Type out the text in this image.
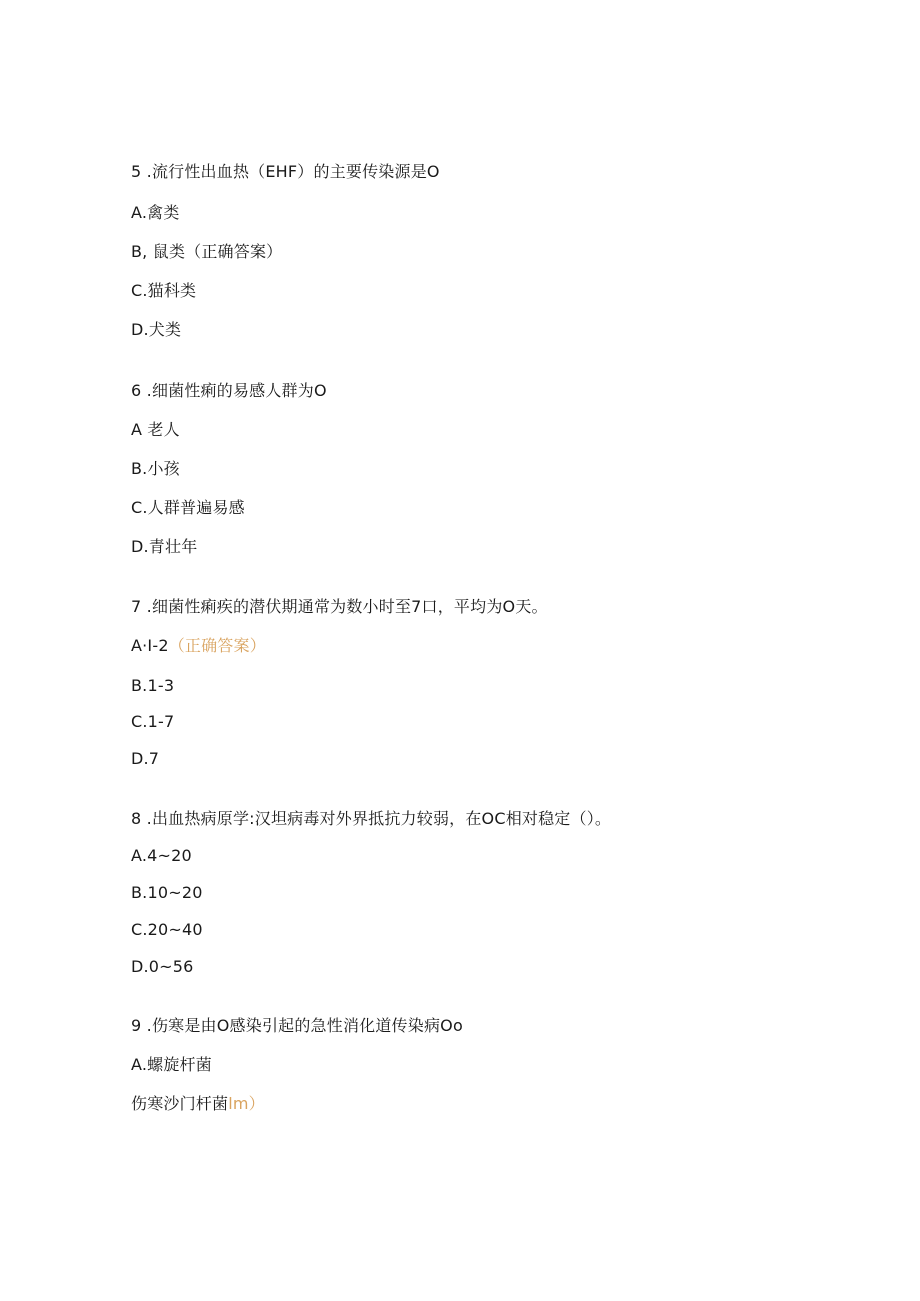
5 .流行性出血热（EHF）的主要传染源是O
A.禽类
B, 鼠类（正确答案）
C.猫科类
D.犬类
6 .细菌性痢的易感人群为O
A 老人
B.小孩
C.人群普遍易感
D.青壮年
7 .细菌性痢疾的潜伏期通常为数小时至7口，平均为O天。
A·I-2（正确答案）
B.1-3
C.1-7
D.7
8 .出血热病原学:汉坦病毒对外界抵抗力较弱，在OC相对稳定（）。
A.4~20
B.10~20
C.20~40
D.0~56
9 .伤寒是由O感染引起的急性消化道传染病Oo
A.螺旋杆菌
伤寒沙门杆菌lm）
